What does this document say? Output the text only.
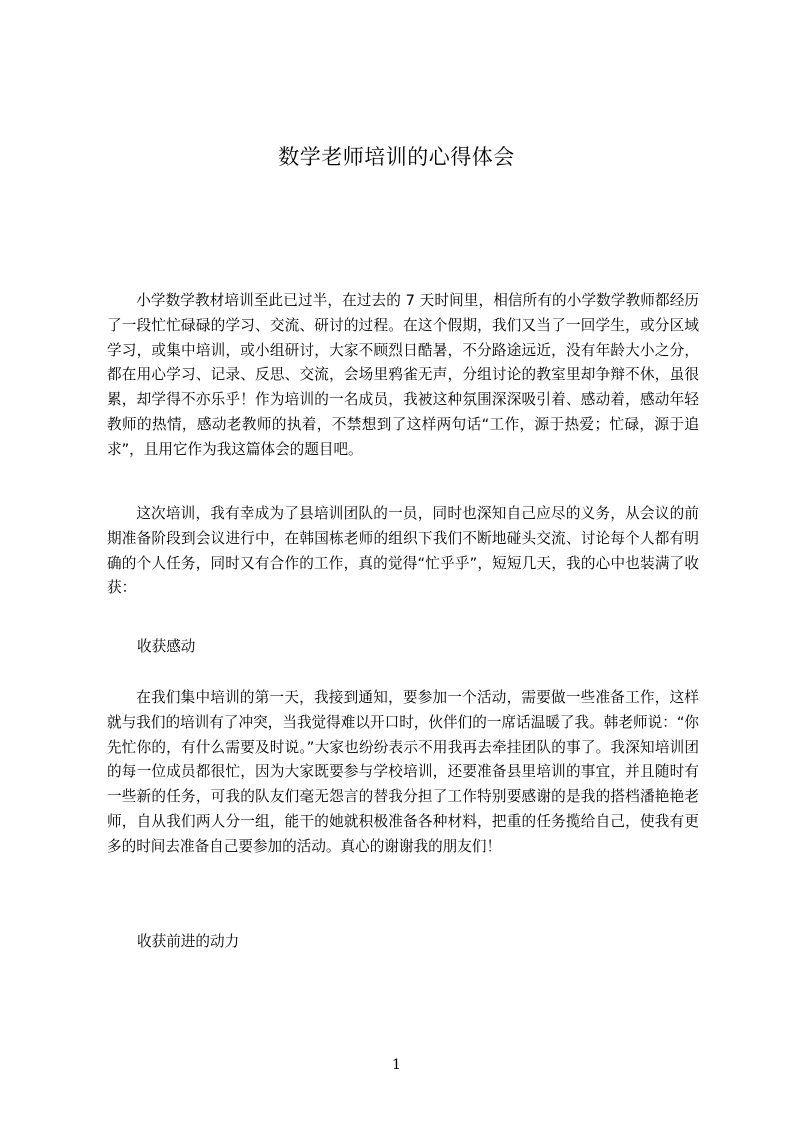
数学老师培训的心得体会

小学数学教材培训至此已过半，在过去的 7 天时间里，相信所有的小学数学教师都经历了一段忙忙碌碌的学习、交流、研讨的过程。在这个假期，我们又当了一回学生，或分区域学习，或集中培训，或小组研讨，大家不顾烈日酷暑，不分路途远近，没有年龄大小之分，都在用心学习、记录、反思、交流，会场里鸦雀无声，分组讨论的教室里却争辩不休，虽很累，却学得不亦乐乎！作为培训的一名成员，我被这种氛围深深吸引着、感动着，感动年轻教师的热情，感动老教师的执着，不禁想到了这样两句话“工作，源于热爱；忙碌，源于追求”，且用它作为我这篇体会的题目吧。

这次培训，我有幸成为了县培训团队的一员，同时也深知自己应尽的义务，从会议的前期准备阶段到会议进行中，在韩国栋老师的组织下我们不断地碰头交流、讨论每个人都有明确的个人任务，同时又有合作的工作，真的觉得“忙乎乎”，短短几天，我的心中也装满了收获：

收获感动

在我们集中培训的第一天，我接到通知，要参加一个活动，需要做一些准备工作，这样就与我们的培训有了冲突，当我觉得难以开口时，伙伴们的一席话温暖了我。韩老师说：“你先忙你的，有什么需要及时说。”大家也纷纷表示不用我再去牵挂团队的事了。我深知培训团的每一位成员都很忙，因为大家既要参与学校培训，还要准备县里培训的事宜，并且随时有一些新的任务，可我的队友们毫无怨言的替我分担了工作特别要感谢的是我的搭档潘艳艳老师，自从我们两人分一组，能干的她就积极准备各种材料，把重的任务揽给自己，使我有更多的时间去准备自己要参加的活动。真心的谢谢我的朋友们！

收获前进的动力
1
